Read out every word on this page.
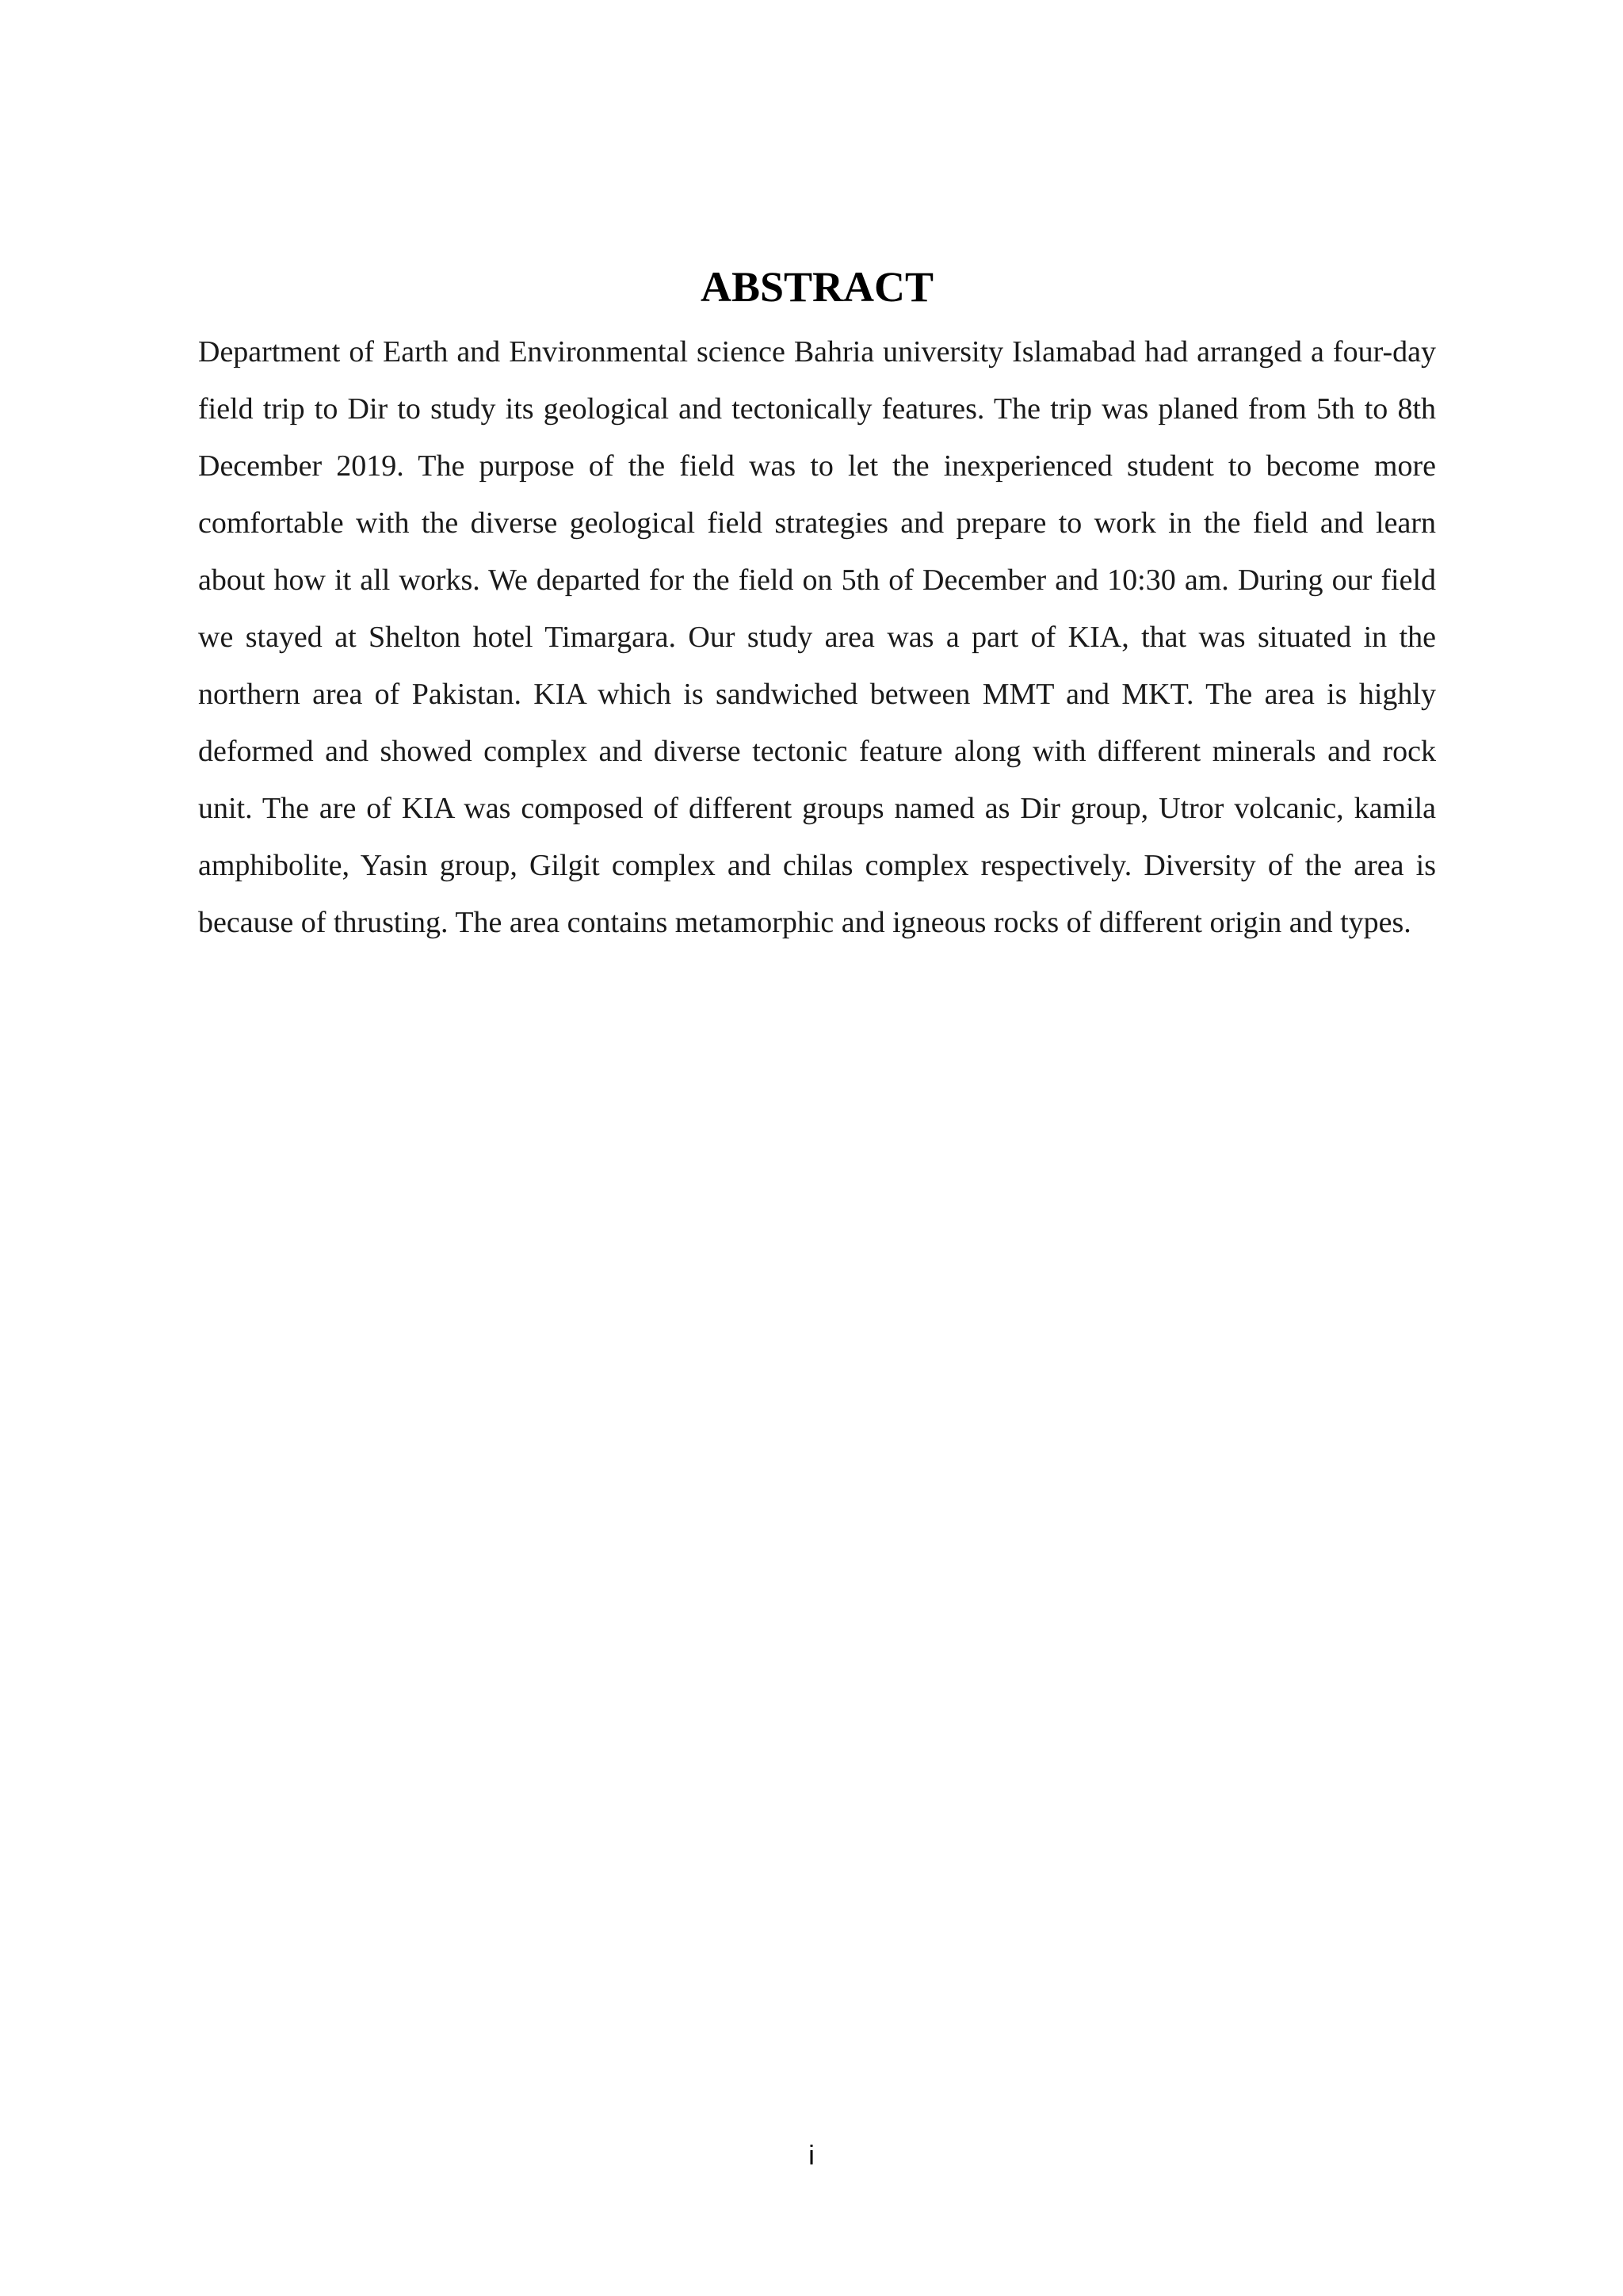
ABSTRACT

Department of Earth and Environmental science Bahria university Islamabad had arranged a four-day field trip to Dir to study its geological and tectonically features. The trip was planed from 5th to 8th December 2019. The purpose of the field was to let the inexperienced student to become more comfortable with the diverse geological field strategies and prepare to work in the field and learn about how it all works. We departed for the field on 5th of December and 10:30 am. During our field we stayed at Shelton hotel Timargara. Our study area was a part of KIA, that was situated in the northern area of Pakistan. KIA which is sandwiched between MMT and MKT. The area is highly deformed and showed complex and diverse tectonic feature along with different minerals and rock unit. The are of KIA was composed of different groups named as Dir group, Utror volcanic, kamila amphibolite, Yasin group, Gilgit complex and chilas complex respectively. Diversity of the area is because of thrusting. The area contains metamorphic and igneous rocks of different origin and types.

i
